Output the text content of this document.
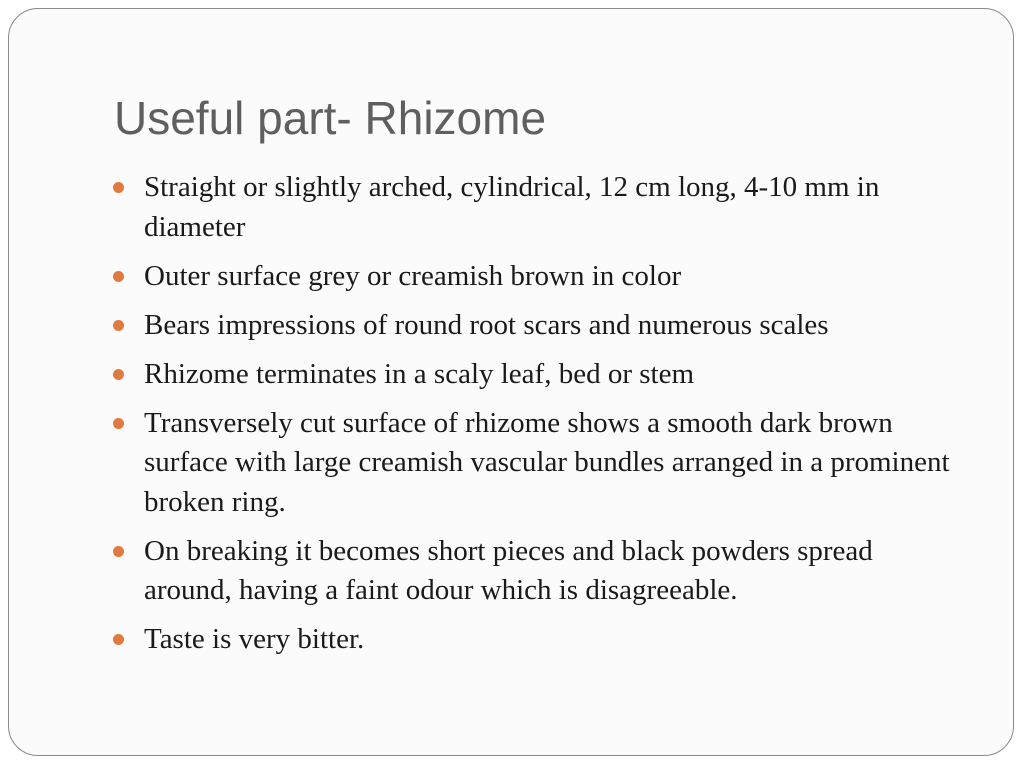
Useful part- Rhizome
Straight or slightly arched, cylindrical, 12 cm long, 4-10 mm in diameter
Outer surface grey or creamish brown in color
Bears impressions of round root scars and numerous scales
Rhizome terminates in a scaly leaf, bed or stem
Transversely cut surface of rhizome shows a smooth dark brown surface with large creamish vascular bundles arranged in a prominent broken ring.
On breaking it becomes short pieces and black powders spread around, having a faint odour which is disagreeable.
Taste is very bitter.
